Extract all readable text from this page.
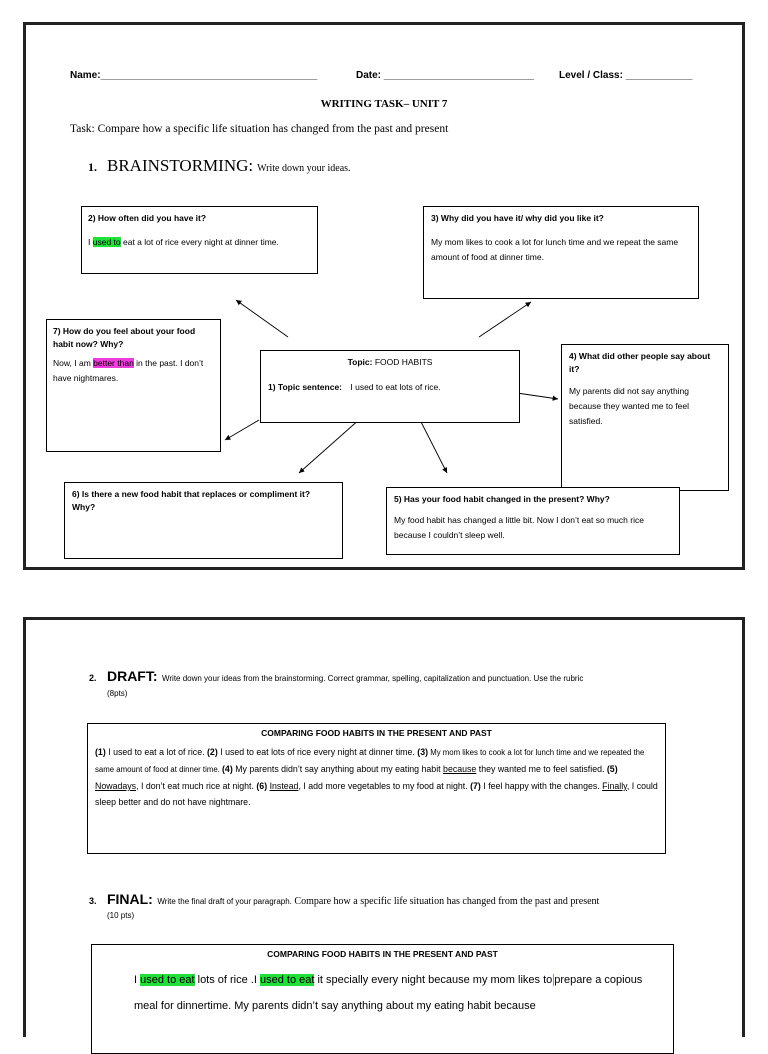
Name:_______________________________________	Date: ___________________________	Level / Class: ____________
WRITING TASK– UNIT 7
Task: Compare how a specific life situation has changed from the past and present
1. BRAINSTORMING: Write down your ideas.
2) How often did you have it?
I used to eat a lot of rice every night at dinner time.
3) Why did you have it/ why did you like it?
My mom likes to cook a lot for lunch time and we repeat the same amount of food at dinner time.
7) How do you feel about your food habit now? Why?
Now, I am better than in the past. I don’t have nightmares.
Topic: FOOD HABITS
1) Topic sentence: I used to eat lots of rice.
4) What did other people say about it?
My parents did not say anything because they wanted me to feel satisfied.
6) Is there a new food habit that replaces or compliment it? Why?
5) Has your food habit changed in the present? Why?
My food habit has changed a little bit. Now I don’t eat so much rice because I couldn’t sleep well.
2. DRAFT: Write down your ideas from the brainstorming. Correct grammar, spelling, capitalization and punctuation. Use the rubric
(8pts)
COMPARING FOOD HABITS IN THE PRESENT AND PAST
(1) I used to eat a lot of rice. (2) I used to eat lots of rice every night at dinner time. (3) My mom likes to cook a lot for lunch time and we repeated the same amount of food at dinner time. (4) My parents didn’t say anything about my eating habit because they wanted me to feel satisfied. (5) Nowadays, I don’t eat much rice at night. (6) Instead, I add more vegetables to my food at night. (7) I feel happy with the changes. Finally, I could sleep better and do not have nightmare.
3. FINAL: Write the final draft of your paragraph. Compare how a specific life situation has changed from the past and present
(10 pts)
COMPARING FOOD HABITS IN THE PRESENT AND PAST
I used to eat lots of rice .I used to eat it specially every night because my mom likes to prepare a copious meal for dinnertime. My parents didn’t say anything about my eating habit because
